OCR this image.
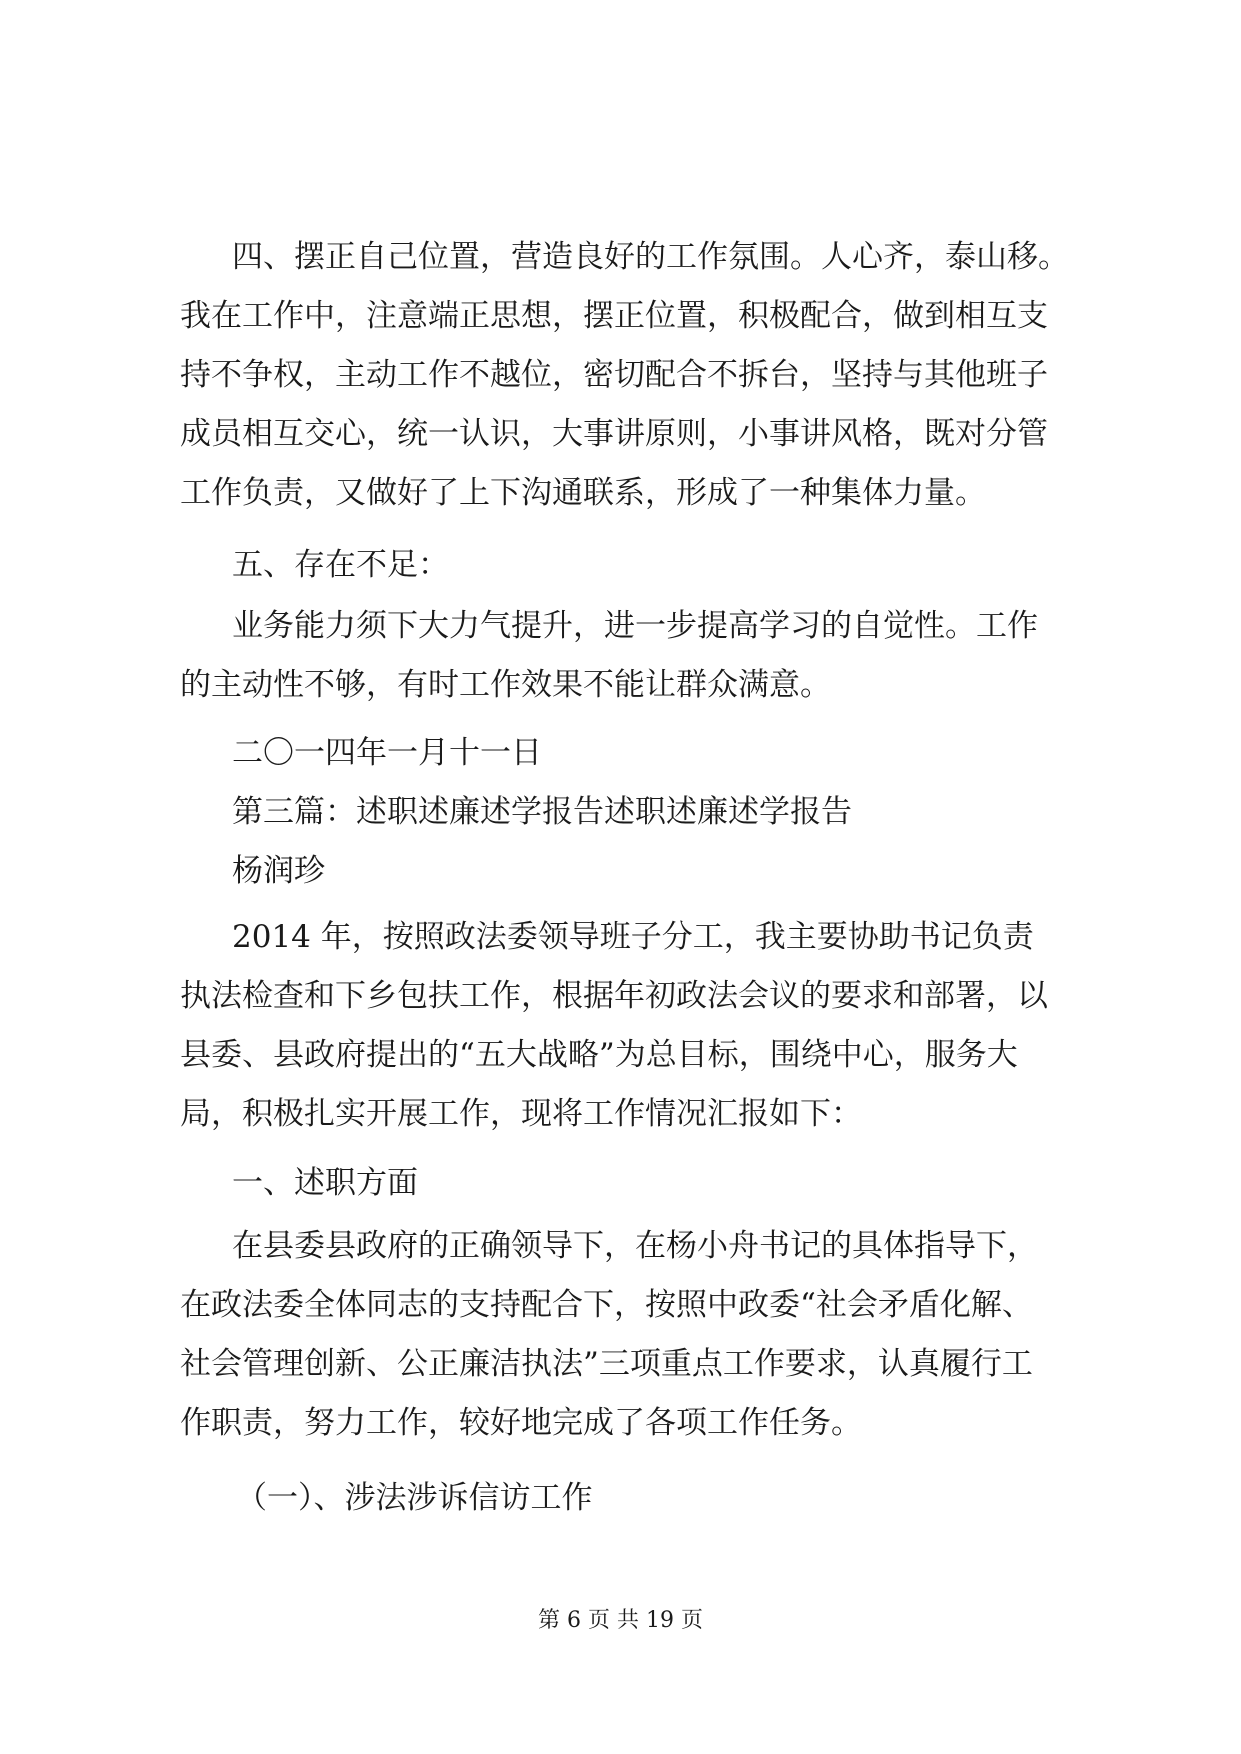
四、摆正自己位置，营造良好的工作氛围。人心齐，泰山移。
我在工作中，注意端正思想，摆正位置，积极配合，做到相互支
持不争权，主动工作不越位，密切配合不拆台，坚持与其他班子
成员相互交心，统一认识，大事讲原则，小事讲风格，既对分管
工作负责，又做好了上下沟通联系，形成了一种集体力量。
五、存在不足：
业务能力须下大力气提升，进一步提高学习的自觉性。工作
的主动性不够，有时工作效果不能让群众满意。
二〇一四年一月十一日
第三篇：述职述廉述学报告述职述廉述学报告
杨润珍
2014 年，按照政法委领导班子分工，我主要协助书记负责
执法检查和下乡包扶工作，根据年初政法会议的要求和部署，以
县委、县政府提出的“五大战略”为总目标，围绕中心，服务大
局，积极扎实开展工作，现将工作情况汇报如下：
一、述职方面
在县委县政府的正确领导下，在杨小舟书记的具体指导下，
在政法委全体同志的支持配合下，按照中政委“社会矛盾化解、
社会管理创新、公正廉洁执法”三项重点工作要求，认真履行工
作职责，努力工作，较好地完成了各项工作任务。
（一）、涉法涉诉信访工作
第 6 页 共 19 页
